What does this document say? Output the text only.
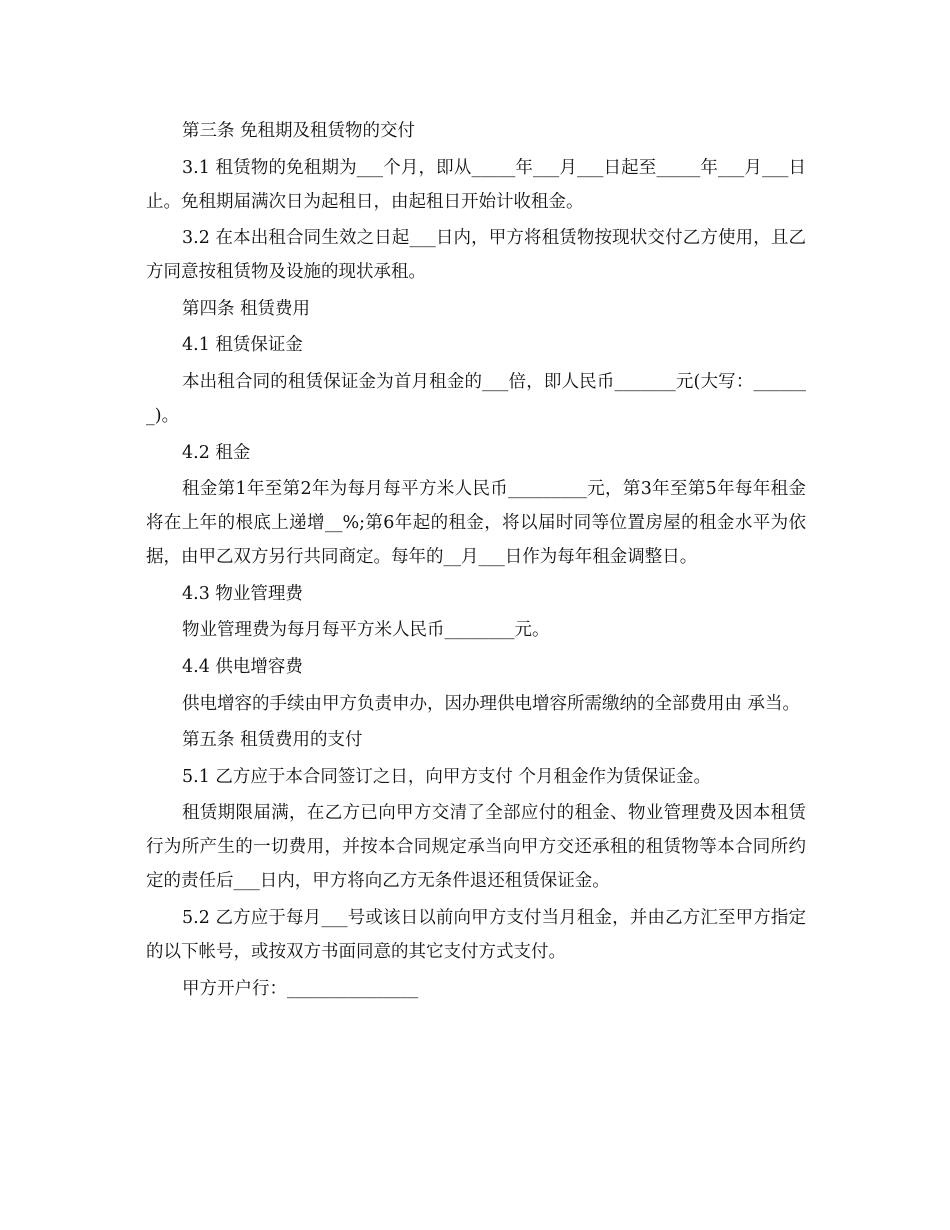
第三条 免租期及租赁物的交付

3.1 租赁物的免租期为___个月，即从_____年___月___日起至_____年___月___日止。免租期届满次日为起租日，由起租日开始计收租金。

3.2 在本出租合同生效之日起___日内，甲方将租赁物按现状交付乙方使用，且乙方同意按租赁物及设施的现状承租。

第四条 租赁费用

4.1 租赁保证金

本出租合同的租赁保证金为首月租金的___倍，即人民币_______元(大写：______ _)。

4.2 租金

租金第1年至第2年为每月每平方米人民币_________元，第3年至第5年每年租金将在上年的根底上递增__%;第6年起的租金，将以届时同等位置房屋的租金水平为依据，由甲乙双方另行共同商定。每年的__月___日作为每年租金调整日。

4.3 物业管理费

物业管理费为每月每平方米人民币________元。

4.4 供电增容费

供电增容的手续由甲方负责申办，因办理供电增容所需缴纳的全部费用由 承当。

第五条 租赁费用的支付

5.1 乙方应于本合同签订之日，向甲方支付 个月租金作为赁保证金。

租赁期限届满，在乙方已向甲方交清了全部应付的租金、物业管理费及因本租赁行为所产生的一切费用，并按本合同规定承当向甲方交还承租的租赁物等本合同所约定的责任后___日内，甲方将向乙方无条件退还租赁保证金。

5.2 乙方应于每月___号或该日以前向甲方支付当月租金，并由乙方汇至甲方指定的以下帐号，或按双方书面同意的其它支付方式支付。

甲方开户行：_______________
